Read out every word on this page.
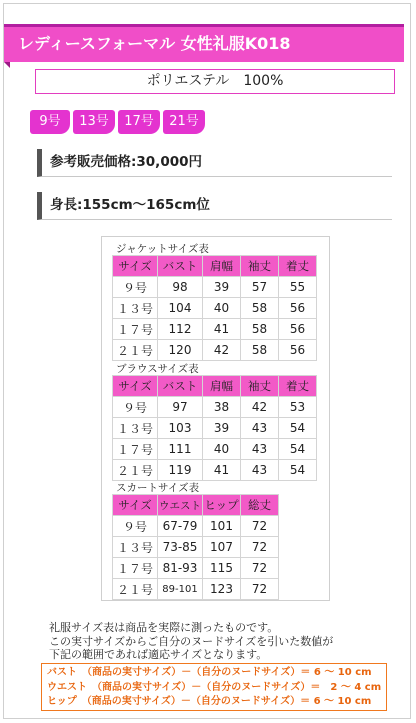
レディースフォーマル 女性礼服K018
ポリエステル　100%
9号	13号	17号	21号
参考販売価格:30,000円
身長:155cm～165cm位
ジャケットサイズ表
サイズ	バスト	肩幅	袖丈	着丈
９号	98	39	57	55
１３号	104	40	58	56
１７号	112	41	58	56
２１号	120	42	58	56
ブラウスサイズ表
サイズ	バスト	肩幅	袖丈	着丈
９号	97	38	42	53
１３号	103	39	43	54
１７号	111	40	43	54
２１号	119	41	43	54
スカートサイズ表
サイズ	ウエスト	ヒップ	総丈
９号	67-79	101	72
１３号	73-85	107	72
１７号	81-93	115	72
２１号	89-101	123	72
礼服サイズ表は商品を実際に測ったものです。
この実寸サイズからご自分のヌードサイズを引いた数値が
下記の範囲であれば適応サイズとなります。
バスト　（商品の実寸サイズ）－（自分のヌードサイズ）＝ 6 ～ 10 cm
ウエスト　（商品の実寸サイズ）－（自分のヌードサイズ）＝　2 ～ 4 cm
ヒップ　（商品の実寸サイズ）－（自分のヌードサイズ）＝ 6 ～ 10 cm
